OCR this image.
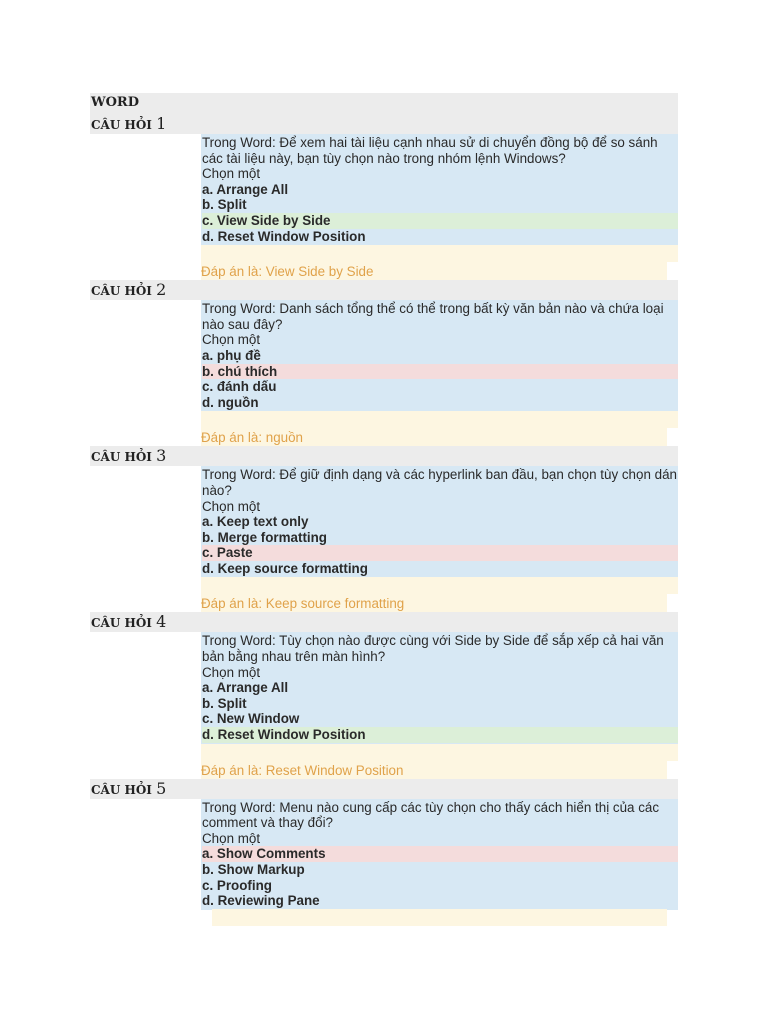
WORD
CÂU HỎI 1
Trong Word: Để xem hai tài liệu cạnh nhau sử di chuyển đồng bộ để so sánh các tài liệu này, bạn tùy chọn nào trong nhóm lệnh Windows?
Chọn một
a. Arrange All
b. Split
c. View Side by Side
d. Reset Window Position
Đáp án là: View Side by Side
CÂU HỎI 2
Trong Word: Danh sách tổng thể có thể trong bất kỳ văn bản nào và chứa loại nào sau đây?
Chọn một
a. phụ đề
b. chú thích
c. đánh dấu
d. nguồn
Đáp án là: nguồn
CÂU HỎI 3
Trong Word: Để giữ định dạng và các hyperlink ban đầu, bạn chọn tùy chọn dán nào?
Chọn một
a. Keep text only
b. Merge formatting
c. Paste
d. Keep source formatting
Đáp án là: Keep source formatting
CÂU HỎI 4
Trong Word: Tùy chọn nào được cùng với Side by Side để sắp xếp cả hai văn bản bằng nhau trên màn hình?
Chọn một
a. Arrange All
b. Split
c. New Window
d. Reset Window Position
Đáp án là: Reset Window Position
CÂU HỎI 5
Trong Word: Menu nào cung cấp các tùy chọn cho thấy cách hiển thị của các comment và thay đổi?
Chọn một
a. Show Comments
b. Show Markup
c. Proofing
d. Reviewing Pane
